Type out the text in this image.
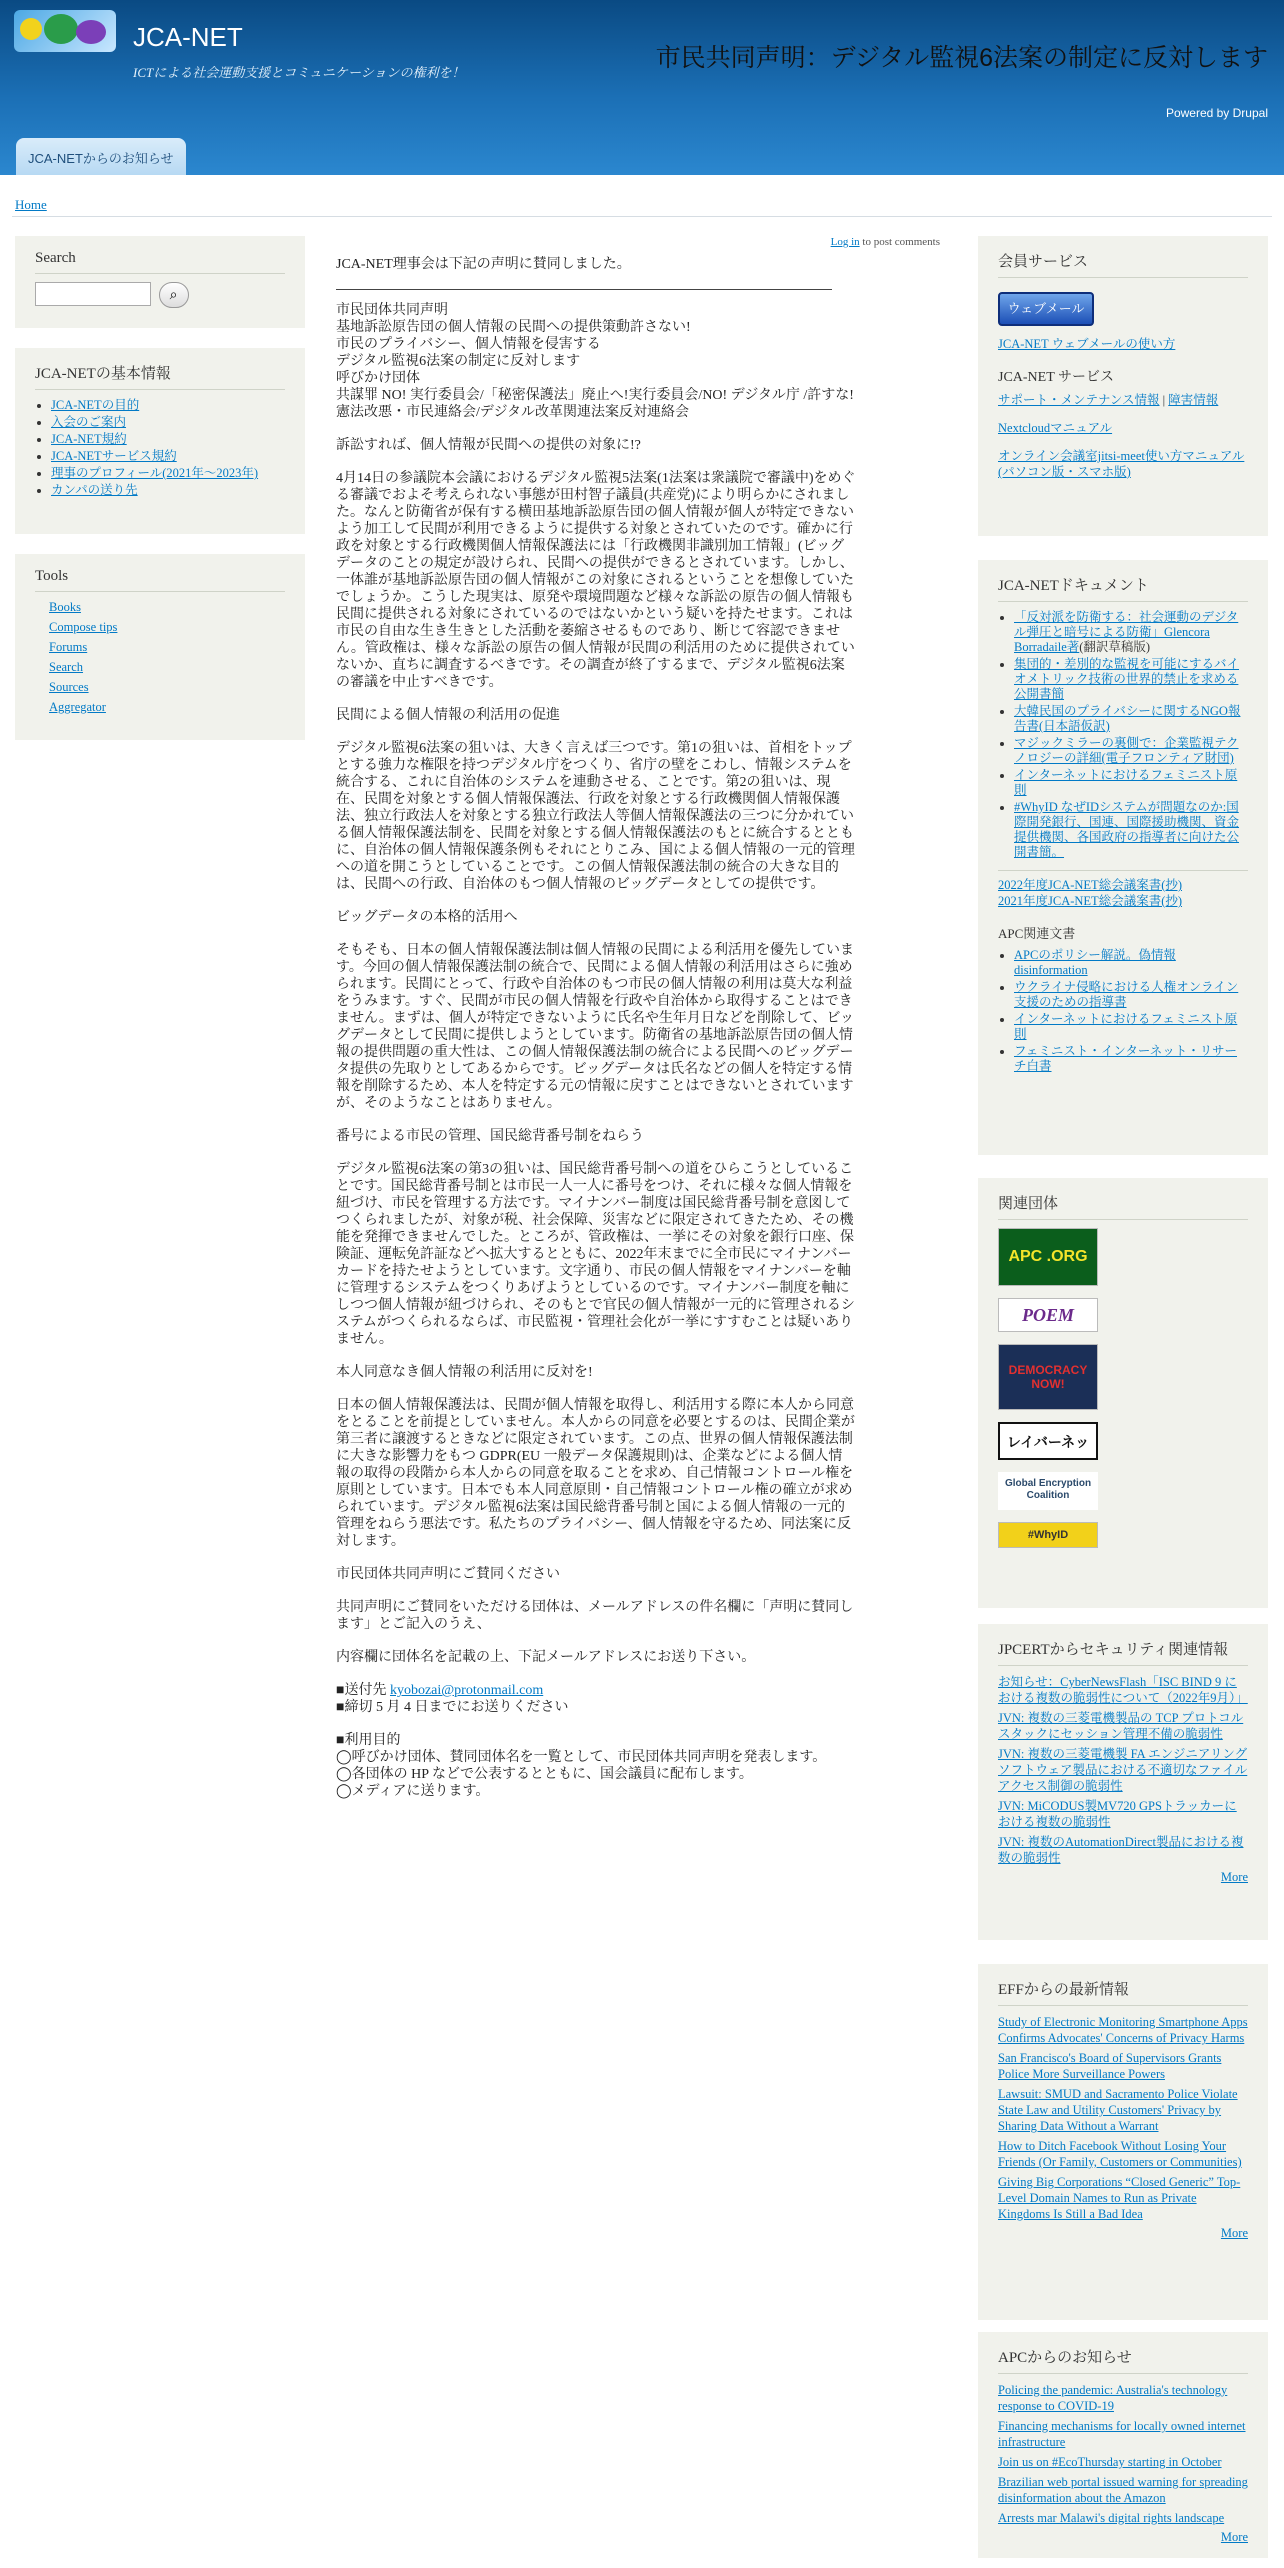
JCA-NET
ICTによる社会運動支援とコミュニケーションの権利を！
市民共同声明：デジタル監視6法案の制定に反対します
Powered by Drupal
JCA-NETからのお知らせ
Home
Search
⌕
JCA-NETの基本情報
• JCA-NETの目的
• 入会のご案内
• JCA-NET規約
• JCA-NETサービス規約
• 理事のプロフィール(2021年〜2023年)
• カンパの送り先
Tools
Books
Compose tips
Forums
Search
Sources
Aggregator
Log in to post comments

JCA-NET理事会は下記の声明に賛同しました。

市民団体共同声明
基地訴訟原告団の個人情報の民間への提供策動許さない!
市民のプライバシー、個人情報を侵害する
デジタル監視6法案の制定に反対します
呼びかけ団体
共謀罪 NO! 実行委員会/「秘密保護法」廃止へ!実行委員会/NO! デジタル庁 /許すな! 憲法改悪・市民連絡会/デジタル改革関連法案反対連絡会

訴訟すれば、個人情報が民間への提供の対象に!?

4月14日の参議院本会議におけるデジタル監視5法案(1法案は衆議院で審議中)をめぐる審議でおよそ考えられない事態が田村智子議員(共産党)により明らかにされました。なんと防衛省が保有する横田基地訴訟原告団の個人情報が個人が特定できないよう加工して民間が利用できるように提供する対象とされていたのです。確かに行政を対象とする行政機関個人情報保護法には「行政機関非識別加工情報」(ビッグデータのことの規定が設けられ、民間への提供ができるとされています。しかし、一体誰が基地訴訟原告団の個人情報がこの対象にされるということを想像していたでしょうか。こうした現実は、原発や環境問題など様々な訴訟の原告の個人情報も民間に提供される対象にされているのではないかという疑いを持たせます。これは市民の自由な生き生きとした活動を萎縮させるものであり、断じて容認できません。管政権は、様々な訴訟の原告の個人情報が民間の利活用のために提供されていないか、直ちに調査するべきです。その調査が終了するまで、デジタル監視6法案の審議を中止すべきです。

民間による個人情報の利活用の促進

デジタル監視6法案の狙いは、大きく言えば三つです。第1の狙いは、首相をトップとする強力な権限を持つデジタル庁をつくり、省庁の壁をこわし、情報システムを統合する、これに自治体のシステムを連動させる、ことです。第2の狙いは、現在、民間を対象とする個人情報保護法、行政を対象とする行政機関個人情報保護法、独立行政法人を対象とする独立行政法人等個人情報保護法の三つに分かれている個人情報保護法制を、民間を対象とする個人情報保護法のもとに統合するとともに、自治体の個人情報保護条例もそれにとりこみ、国による個人情報の一元的管理への道を開こうとしていることです。この個人情報保護法制の統合の大きな目的は、民間への行政、自治体のもつ個人情報のビッグデータとしての提供です。

ビッグデータの本格的活用へ

そもそも、日本の個人情報保護法制は個人情報の民間による利活用を優先しています。今回の個人情報保護法制の統合で、民間による個人情報の利活用はさらに強められます。民間にとって、行政や自治体のもつ市民の個人情報の利用は莫大な利益をうみます。すぐ、民間が市民の個人情報を行政や自治体から取得することはできません。まずは、個人が特定できないように氏名や生年月日などを削除して、ビッグデータとして民間に提供しようとしています。防衛省の基地訴訟原告団の個人情報の提供問題の重大性は、この個人情報保護法制の統合による民間へのビッグデータ提供の先取りとしてあるからです。ビッグデータは氏名などの個人を特定する情報を削除するため、本人を特定する元の情報に戻すことはできないとされていますが、そのようなことはありません。

番号による市民の管理、国民総背番号制をねらう

デジタル監視6法案の第3の狙いは、国民総背番号制への道をひらこうとしていることです。国民総背番号制とは市民一人一人に番号をつけ、それに様々な個人情報を紐づけ、市民を管理する方法です。マイナンバー制度は国民総背番号制を意図してつくられましたが、対象が税、社会保障、災害などに限定されてきたため、その機能を発揮できませんでした。ところが、管政権は、一挙にその対象を銀行口座、保険証、運転免許証などへ拡大するとともに、2022年末までに全市民にマイナンバーカードを持たせようとしています。文字通り、市民の個人情報をマイナンバーを軸に管理するシステムをつくりあげようとしているのです。マイナンバー制度を軸にしつつ個人情報が紐づけられ、そのもとで官民の個人情報が一元的に管理されるシステムがつくられるならば、市民監視・管理社会化が一挙にすすむことは疑いありません。

本人同意なき個人情報の利活用に反対を!

日本の個人情報保護法は、民間が個人情報を取得し、利活用する際に本人から同意をとることを前提としていません。本人からの同意を必要とするのは、民間企業が第三者に譲渡するときなどに限定されています。この点、世界の個人情報保護法制に大きな影響力をもつ GDPR(EU 一般データ保護規則)は、企業などによる個人情報の取得の段階から本人からの同意を取ることを求め、自己情報コントロール権を原則としています。日本でも本人同意原則・自己情報コントロール権の確立が求められています。デジタル監視6法案は国民総背番号制と国による個人情報の一元的管理をねらう悪法です。私たちのプライバシー、個人情報を守るため、同法案に反対します。

市民団体共同声明にご賛同ください

共同声明にご賛同をいただける団体は、メールアドレスの件名欄に「声明に賛同します」とご記入のうえ、

内容欄に団体名を記載の上、下記メールアドレスにお送り下さい。

■送付先 kyobozai@protonmail.com
■締切 5 月 4 日までにお送りください

■利用目的
◯呼びかけ団体、賛同団体名を一覧として、市民団体共同声明を発表します。
◯各団体の HP などで公表するとともに、国会議員に配布します。
◯メディアに送ります。

会員サービス
ウェブメール
JCA-NET ウェブメールの使い方
JCA-NET サービス
サポート・メンテナンス情報 | 障害情報
Nextcloudマニュアル
オンライン会議室jitsi-meet使い方マニュアル(パソコン版・スマホ版)
JCA-NETドキュメント
• 「反対派を防衛する：社会運動のデジタル弾圧と暗号による防衛」Glencora Borradaile著(翻訳草稿版)
• 集団的・差別的な監視を可能にするバイオメトリック技術の世界的禁止を求める公開書簡
• 大韓民国のプライバシーに関するNGO報告書(日本語仮訳)
• マジックミラーの裏側で：企業監視テクノロジーの詳細(電子フロンティア財団)
• インターネットにおけるフェミニスト原則
• #WhyID なぜIDシステムが問題なのか:国際開発銀行、国連、国際援助機関、資金提供機関、各国政府の指導者に向けた公開書簡。
2022年度JCA-NET総会議案書(抄)
2021年度JCA-NET総会議案書(抄)
APC関連文書
• APCのポリシー解説。偽情報 disinformation
• ウクライナ侵略における人権オンライン支援のための指導書
• インターネットにおけるフェミニスト原則
• フェミニスト・インターネット・リサーチ白書
関連団体
APC .ORG
POEM
DEMOCRACY NOW!
レイバーネッ
Global Encryption Coalition
#WhyID
JPCERTからセキュリティ関連情報
お知らせ：CyberNewsFlash「ISC BIND 9 における複数の脆弱性について（2022年9月）」
JVN: 複数の三菱電機製品の TCP プロトコルスタックにセッション管理不備の脆弱性
JVN: 複数の三菱電機製 FA エンジニアリングソフトウェア製品における不適切なファイルアクセス制御の脆弱性
JVN: MiCODUS製MV720 GPSトラッカーにおける複数の脆弱性
JVN: 複数のAutomationDirect製品における複数の脆弱性
More
EFFからの最新情報
Study of Electronic Monitoring Smartphone Apps Confirms Advocates' Concerns of Privacy Harms
San Francisco's Board of Supervisors Grants Police More Surveillance Powers
Lawsuit: SMUD and Sacramento Police Violate State Law and Utility Customers' Privacy by Sharing Data Without a Warrant
How to Ditch Facebook Without Losing Your Friends (Or Family, Customers or Communities)
Giving Big Corporations “Closed Generic” Top-Level Domain Names to Run as Private Kingdoms Is Still a Bad Idea
More
APCからのお知らせ
Policing the pandemic: Australia's technology response to COVID-19
Financing mechanisms for locally owned internet infrastructure
Join us on #EcoThursday starting in October
Brazilian web portal issued warning for spreading disinformation about the Amazon
Arrests mar Malawi's digital rights landscape
More
